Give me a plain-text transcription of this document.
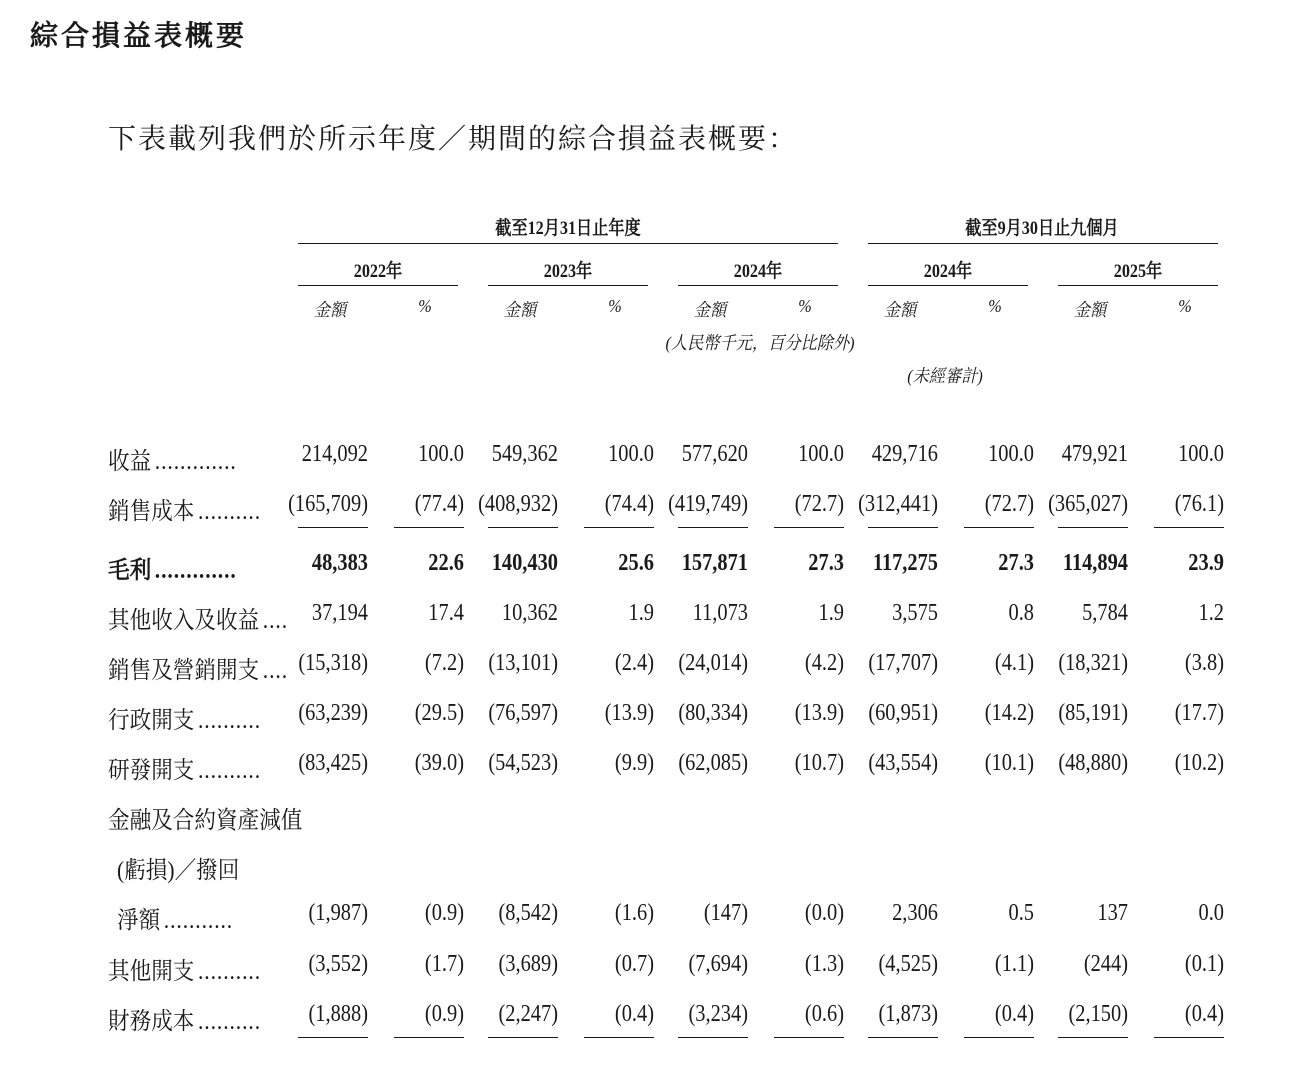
綜合損益表概要
下表載列我們於所示年度／期間的綜合損益表概要：
截至12月31日止年度	截至9月30日止九個月
2022年	2023年	2024年	2024年	2025年
金額	%	金額	%	金額	%	金額	%	金額	%
(人民幣千元，百分比除外)
(未經審計)
收益 .............	214,092	100.0	549,362	100.0	577,620	100.0	429,716	100.0	479,921	100.0
銷售成本 ..........	(165,709)	(77.4) (408,932)	(74.4) (419,749)	(72.7) (312,441)	(72.7) (365,027)	(76.1)
毛利 .............	48,383	22.6	140,430	25.6	157,871	27.3	117,275	27.3	114,894	23.9
其他收入及收益 .... 37,194	17.4	10,362	1.9	11,073	1.9	3,575	0.8	5,784	1.2
銷售及營銷開支 .... (15,318)	(7.2)	(13,101)	(2.4)	(24,014)	(4.2)	(17,707)	(4.1)	(18,321)	(3.8)
行政開支 ..........	(63,239)	(29.5)	(76,597)	(13.9)	(80,334)	(13.9)	(60,951)	(14.2)	(85,191)	(17.7)
研發開支 ..........	(83,425)	(39.0)	(54,523)	(9.9)	(62,085)	(10.7)	(43,554)	(10.1)	(48,880)	(10.2)
金融及合約資產減值
(虧損)／撥回
淨額 ...........	(1,987)	(0.9)	(8,542)	(1.6)	(147)	(0.0)	2,306	0.5	137	0.0
其他開支 ..........	(3,552)	(1.7)	(3,689)	(0.7)	(7,694)	(1.3)	(4,525)	(1.1)	(244)	(0.1)
財務成本 ..........	(1,888)	(0.9)	(2,247)	(0.4)	(3,234)	(0.6)	(1,873)	(0.4)	(2,150)	(0.4)
